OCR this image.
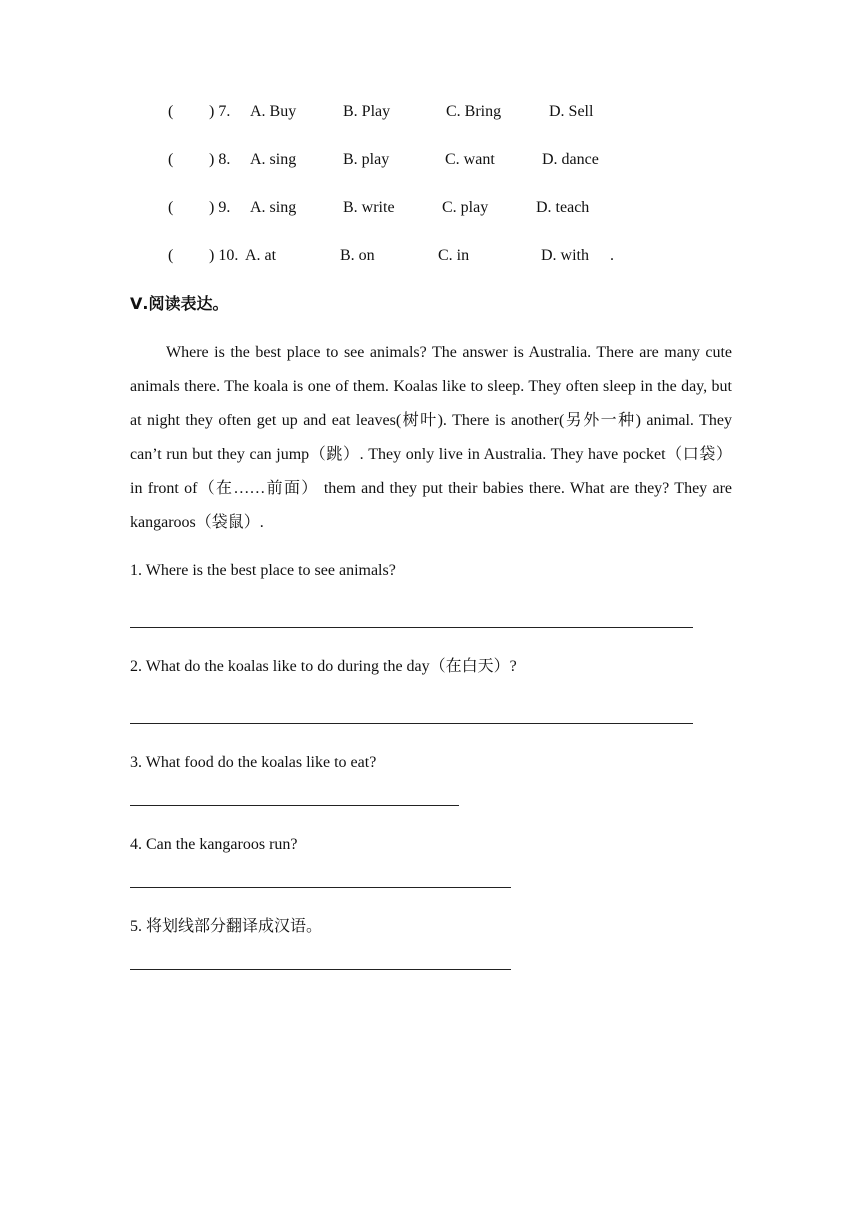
( ) 7. A. Buy	B. Play	C. Bring	D. Sell
( ) 8. A. sing	B. play	C. want	D. dance
( ) 9. A. sing	B. write	C. play	D. teach
( ) 10. A. at	B. on	C. in	D. with .
Ⅴ.阅读表达。
Where is the best place to see animals? The answer is Australia. There are many cute animals there. The koala is one of them. Koalas like to sleep. They often sleep in the day, but at night they often get up and eat leaves(树叶). There is another(另外一种) animal. They can’t run but they can jump（跳）. They only live in Australia. They have pocket（口袋） in front of（在……前面） them and they put their babies there. What are they? They are kangaroos（袋鼠）.
1. Where is the best place to see animals?
2. What do the koalas like to do during the day（在白天）?
3. What food do the koalas like to eat?
4. Can the kangaroos run?
5. 将划线部分翻译成汉语。
